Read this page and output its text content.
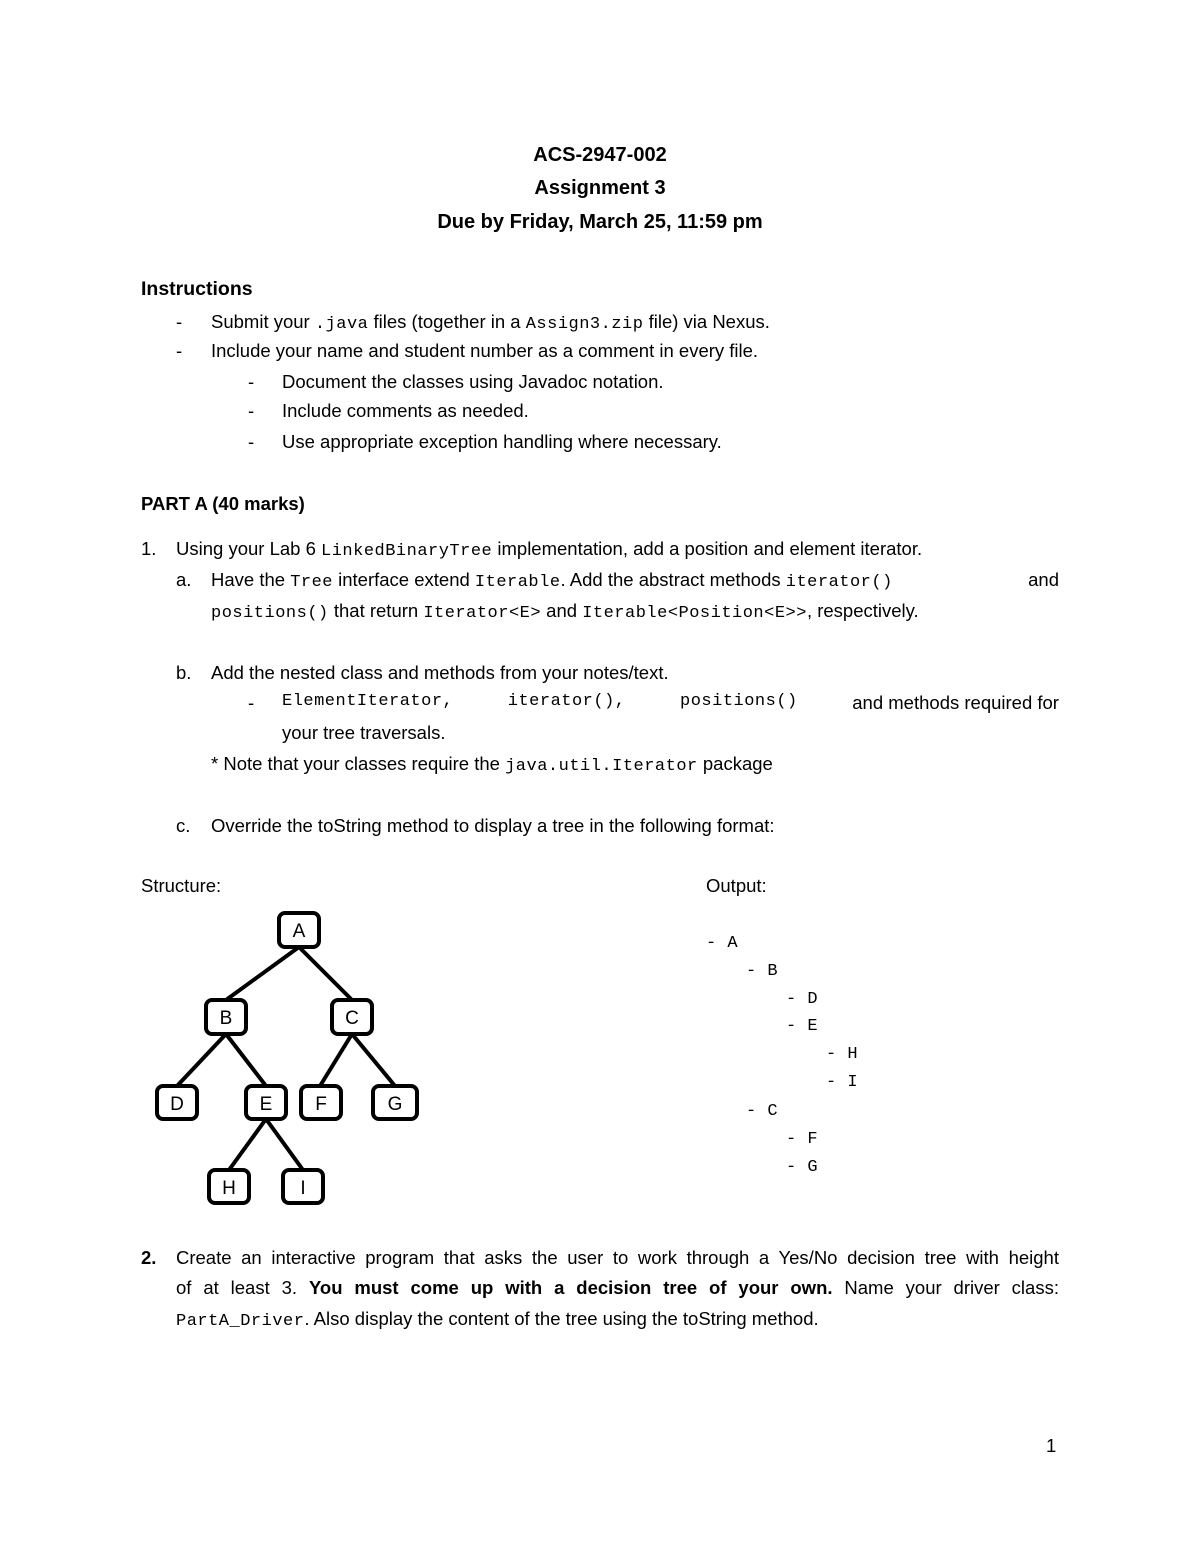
ACS-2947-002
Assignment 3
Due by Friday, March 25, 11:59 pm
Instructions
- Submit your .java files (together in a Assign3.zip file) via Nexus.
- Include your name and student number as a comment in every file.
- Document the classes using Javadoc notation.
- Include comments as needed.
- Use appropriate exception handling where necessary.
PART A (40 marks)
1. Using your Lab 6 LinkedBinaryTree implementation, add a position and element iterator.
a. Have the Tree interface extend Iterable. Add the abstract methods iterator()	and
positions() that return Iterator<E> and Iterable<Position<E>>, respectively.
b. Add the nested class and methods from your notes/text.
- ElementIterator,	iterator(),	positions()	and methods required for
your tree traversals.
* Note that your classes require the java.util.Iterator package
c. Override the toString method to display a tree in the following format:
Structure:	Output:
A
B	C
D	E F	G
H	I
- A
- B
- D
- E
- H
- I
- C
- F
- G
2. Create an interactive program that asks the user to work through a Yes/No decision tree with height
of at least 3. You must come up with a decision tree of your own. Name your driver class:
PartA_Driver. Also display the content of the tree using the toString method.
1
